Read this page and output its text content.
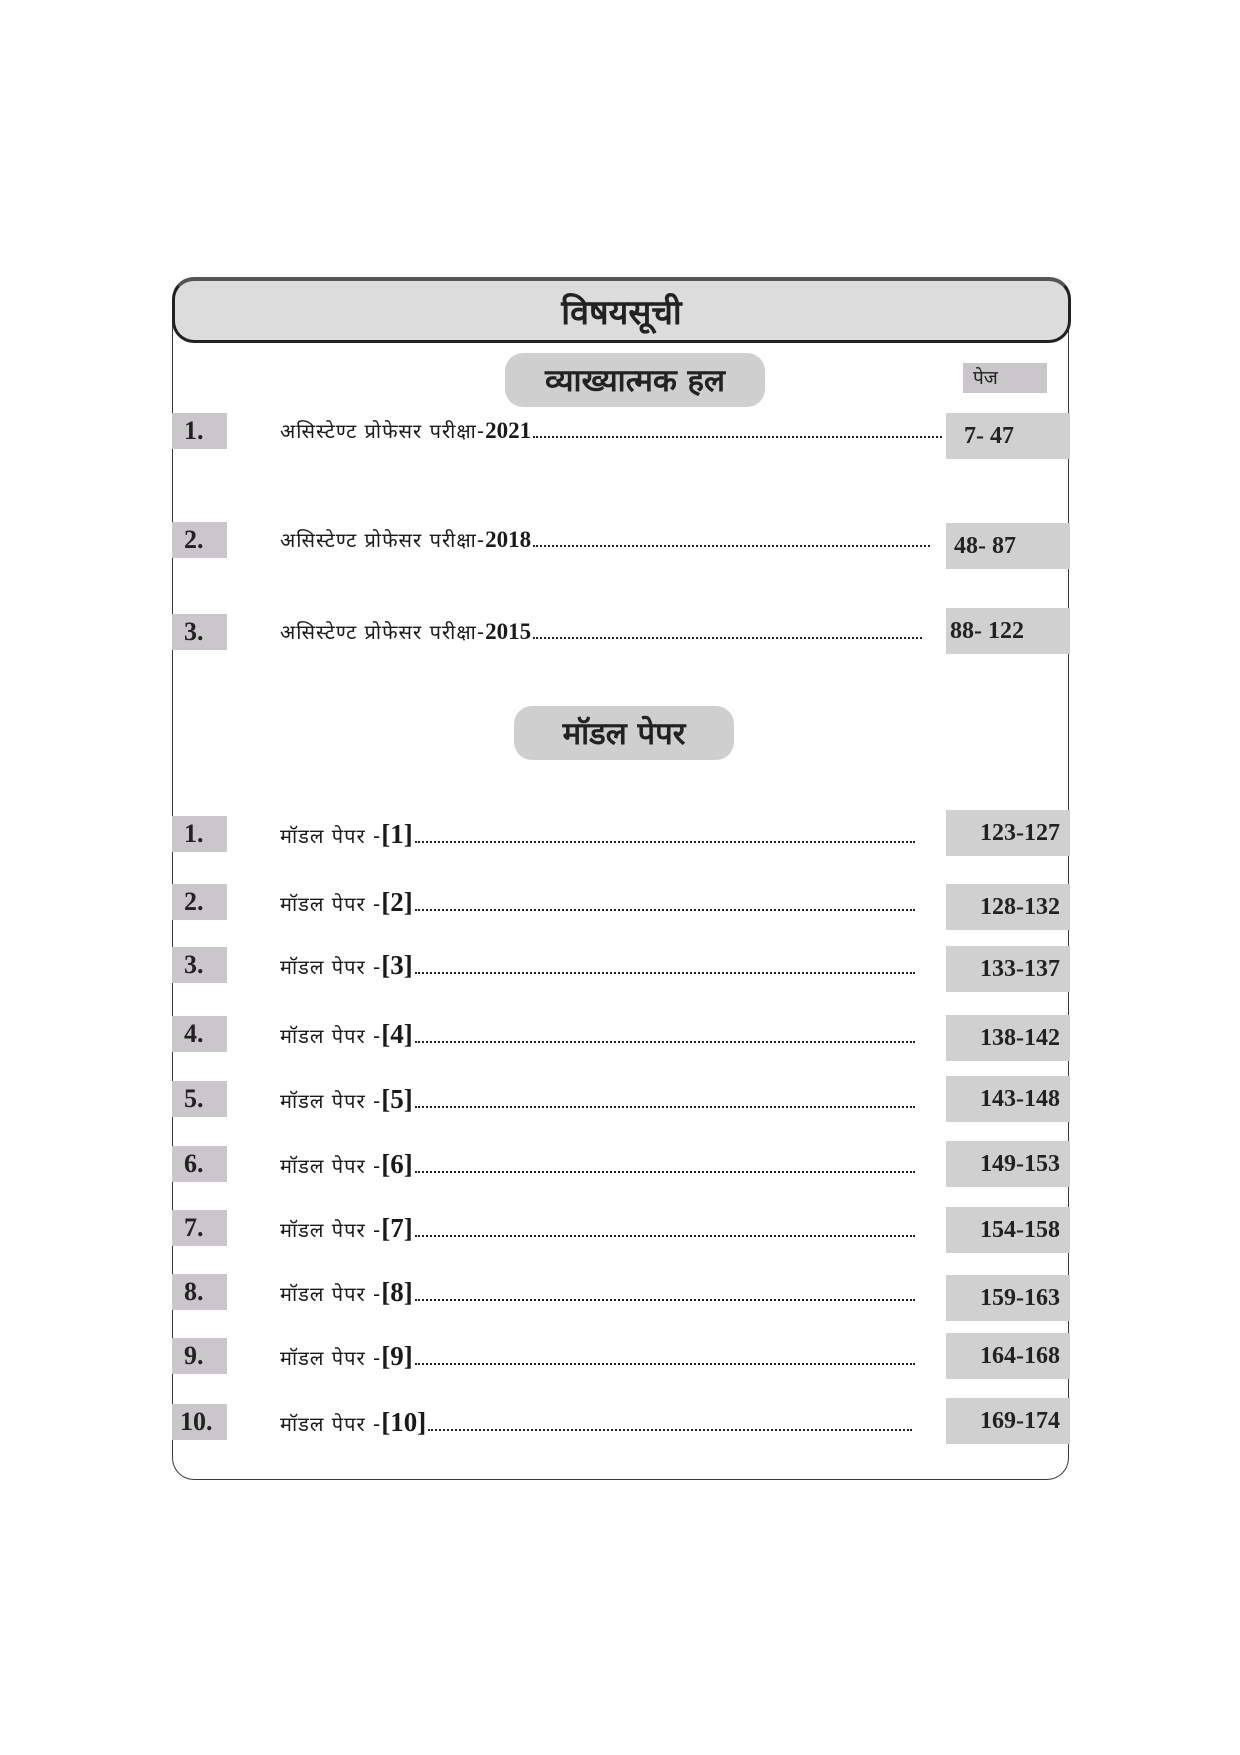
विषयसूची
व्याख्यात्मक हल	पेज
1.	असिस्टेण्ट प्रोफेसर परीक्षा- 2021	7- 47
2.	असिस्टेण्ट प्रोफेसर परीक्षा- 2018	48- 87
3.	असिस्टेण्ट प्रोफेसर परीक्षा- 2015	88- 122
मॉडल पेपर
1.	मॉडल पेपर - [1]	123-127
2.	मॉडल पेपर - [2]	128-132
3.	मॉडल पेपर - [3]	133-137
4.	मॉडल पेपर - [4]	138-142
5.	मॉडल पेपर - [5]	143-148
6.	मॉडल पेपर - [6]	149-153
7.	मॉडल पेपर - [7]	154-158
8.	मॉडल पेपर - [8]	159-163
9.	मॉडल पेपर - [9]	164-168
10.	मॉडल पेपर - [10]	169-174
